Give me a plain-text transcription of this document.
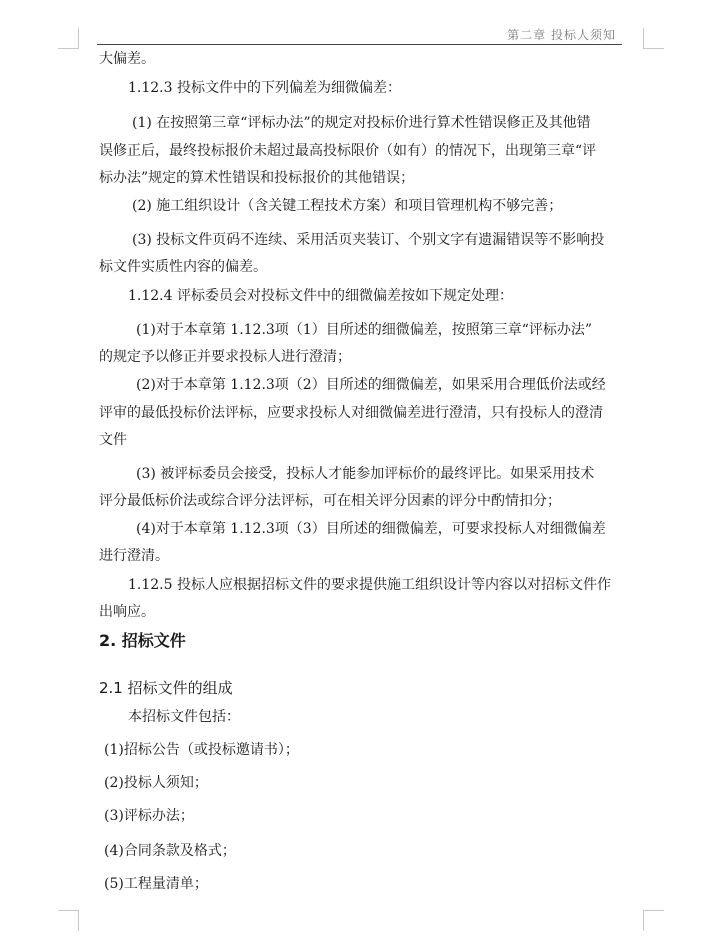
第二章 投标人须知

大偏差。

1.12.3 投标文件中的下列偏差为细微偏差：

(1) 在按照第三章“评标办法”的规定对投标价进行算术性错误修正及其他错

误修正后，最终投标报价未超过最高投标限价（如有）的情况下，出现第三章“评

标办法”规定的算术性错误和投标报价的其他错误；

(2) 施工组织设计（含关键工程技术方案）和项目管理机构不够完善；

(3) 投标文件页码不连续、采用活页夹装订、个别文字有遗漏错误等不影响投

标文件实质性内容的偏差。

1.12.4 评标委员会对投标文件中的细微偏差按如下规定处理：

(1)对于本章第 1.12.3项（1）目所述的细微偏差，按照第三章“评标办法”

的规定予以修正并要求投标人进行澄清；

(2)对于本章第 1.12.3项（2）目所述的细微偏差，如果采用合理低价法或经

评审的最低投标价法评标，应要求投标人对细微偏差进行澄清，只有投标人的澄清

文件

(3) 被评标委员会接受，投标人才能参加评标价的最终评比。如果采用技术

评分最低标价法或综合评分法评标，可在相关评分因素的评分中酌情扣分；

(4)对于本章第 1.12.3项（3）目所述的细微偏差，可要求投标人对细微偏差

进行澄清。

1.12.5 投标人应根据招标文件的要求提供施工组织设计等内容以对招标文件作

出响应。

2. 招标文件

2.1 招标文件的组成

本招标文件包括：

(1)招标公告（或投标邀请书）；

(2)投标人须知；

(3)评标办法；

(4)合同条款及格式；

(5)工程量清单；
